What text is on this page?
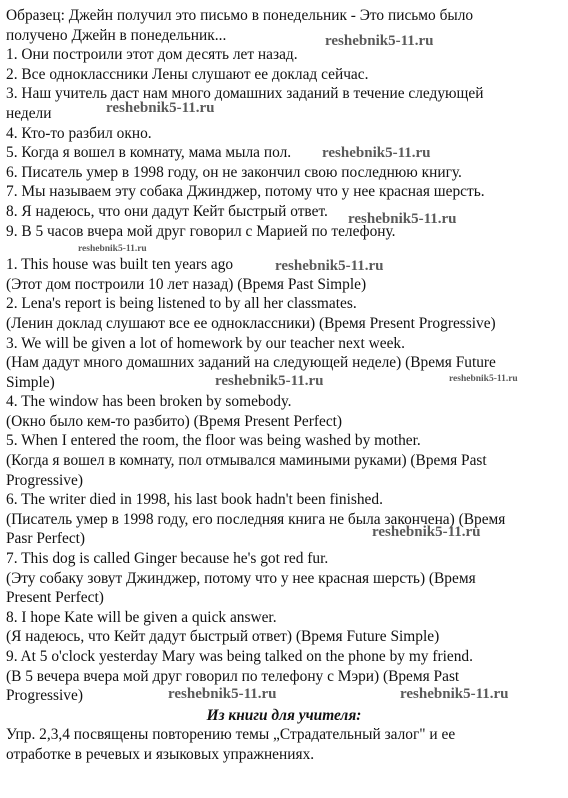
Образец: Джейн получил это письмо в понедельник - Это письмо было
получено Джейн в понедельник...
1. Они построили этот дом десять лет назад.
2. Все одноклассники Лены слушают ее доклад сейчас.
3. Наш учитель даст нам много домашних заданий в течение следующей
недели
4. Кто-то разбил окно.
5. Когда я вошел в комнату, мама мыла пол.
6. Писатель умер в 1998 году, он не закончил свою последнюю книгу.
7. Мы называем эту собака Джинджер, потому что у нее красная шерсть.
8. Я надеюсь, что они дадут Кейт быстрый ответ.
9. В 5 часов вчера мой друг говорил с Марией по телефону.
1. This house was built ten years ago
(Этот дом построили 10 лет назад) (Время Past Simple)
2. Lena's report is being listened to by all her classmates.
(Ленин доклад слушают все ее одноклассники) (Время Present Progressive)
3. We will be given a lot of homework by our teacher next week.
(Нам дадут много домашних заданий на следующей неделе) (Время Future
Simple)
4. The window has been broken by somebody.
(Окно было кем-то разбито) (Время Present Perfect)
5. When I entered the room, the floor was being washed by mother.
(Когда я вошел в комнату, пол отмывался мамиными руками) (Время Past
Progressive)
6. The writer died in 1998, his last book hadn't been finished.
(Писатель умер в 1998 году, его последняя книга не была закончена) (Время
Pasr Perfect)
7. This dog is called Ginger because he's got red fur.
(Эту собаку зовут Джинджер, потому что у нее красная шерсть) (Время
Present Perfect)
8. I hope Kate will be given a quick answer.
(Я надеюсь, что Кейт дадут быстрый ответ) (Время Future Simple)
9. At 5 o'clock yesterday Mary was being talked on the phone by my friend.
(В 5 вечера вчера мой друг говорил по телефону с Мэри) (Время Past
Progressive)
Из книги для учителя:
Упр. 2,3,4 посвящены повторению темы „Страдательный залог" и ее
отработке в речевых и языковых упражнениях.
reshebnik5-11.ru
reshebnik5-11.ru
reshebnik5-11.ru
reshebnik5-11.ru
reshebnik5-11.ru
reshebnik5-11.ru
reshebnik5-11.ru	reshebnik5-11.ru
reshebnik5-11.ru
reshebnik5-11.ru	reshebnik5-11.ru
